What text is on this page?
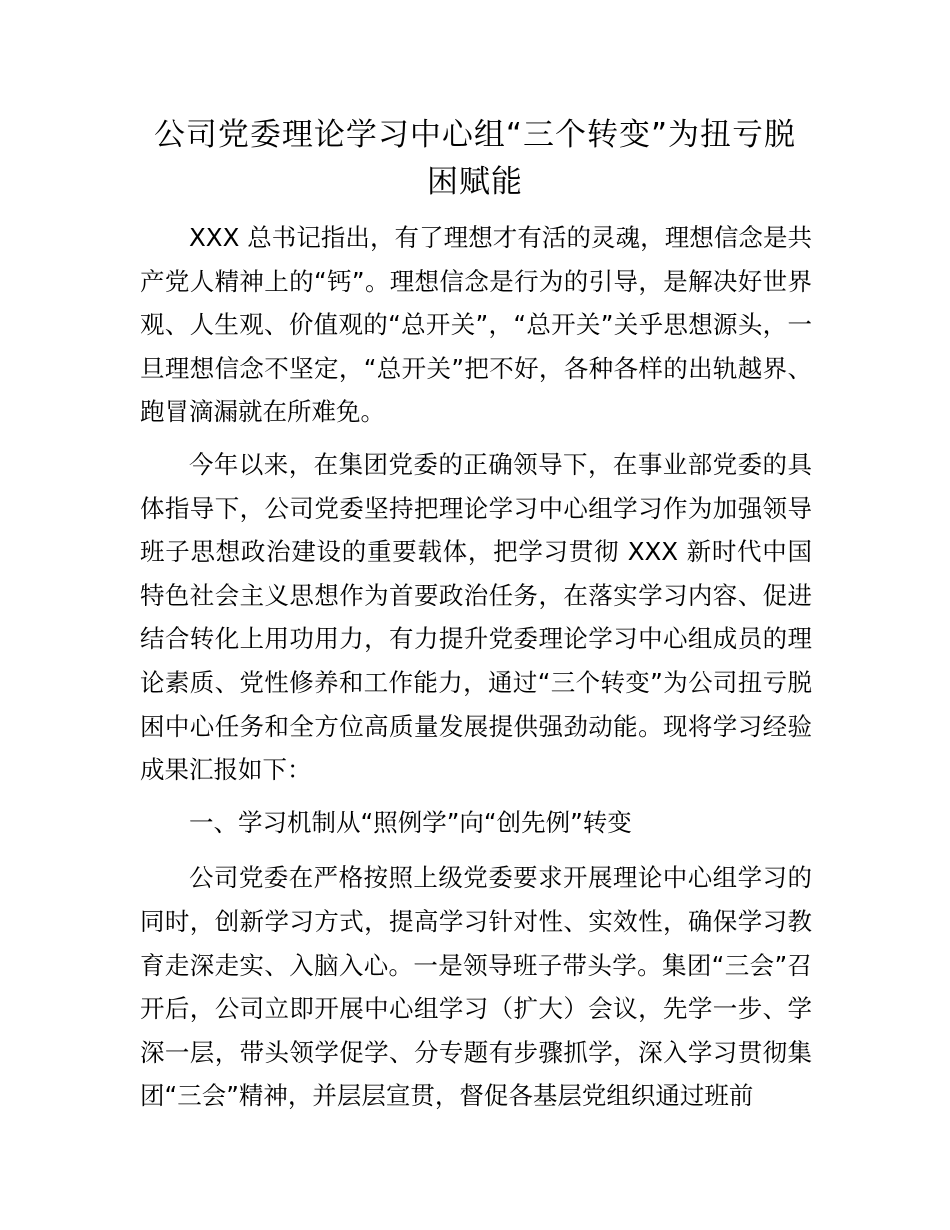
公司党委理论学习中心组“三个转变”为扭亏脱困赋能

XXX 总书记指出，有了理想才有活的灵魂，理想信念是共产党人精神上的“钙”。理想信念是行为的引导，是解决好世界观、人生观、价值观的“总开关”，“总开关”关乎思想源头，一旦理想信念不坚定，“总开关”把不好，各种各样的出轨越界、跑冒滴漏就在所难免。

今年以来，在集团党委的正确领导下，在事业部党委的具体指导下，公司党委坚持把理论学习中心组学习作为加强领导班子思想政治建设的重要载体，把学习贯彻 XXX 新时代中国特色社会主义思想作为首要政治任务，在落实学习内容、促进结合转化上用功用力，有力提升党委理论学习中心组成员的理论素质、党性修养和工作能力，通过“三个转变”为公司扭亏脱困中心任务和全方位高质量发展提供强劲动能。现将学习经验成果汇报如下：

一、学习机制从“照例学”向“创先例”转变

公司党委在严格按照上级党委要求开展理论中心组学习的同时，创新学习方式，提高学习针对性、实效性，确保学习教育走深走实、入脑入心。一是领导班子带头学。集团“三会”召开后，公司立即开展中心组学习（扩大）会议，先学一步、学深一层，带头领学促学、分专题有步骤抓学，深入学习贯彻集团“三会”精神，并层层宣贯，督促各基层党组织通过班前
